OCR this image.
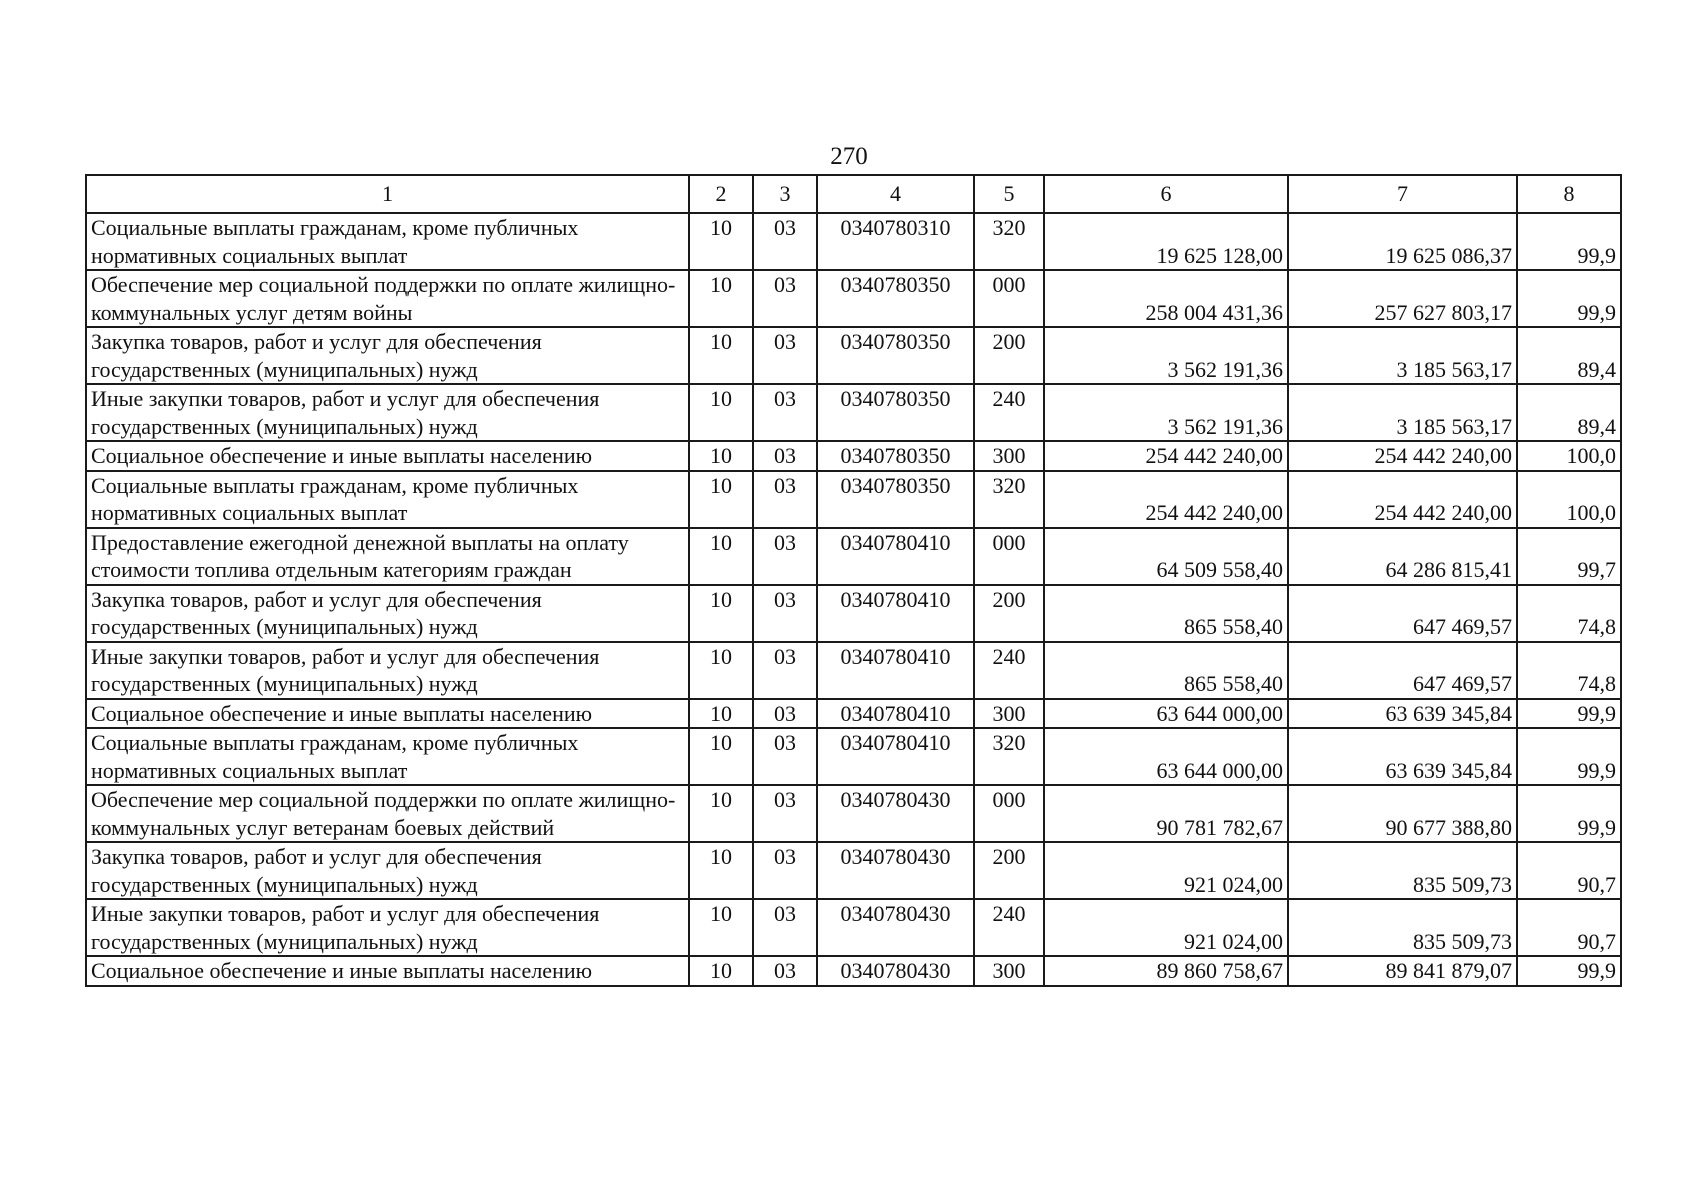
270
1	2	3	4	5	6	7	8
Социальные выплаты гражданам, кроме публичных нормативных социальных выплат	10	03	0340780310	320	19 625 128,00	19 625 086,37	99,9
Обеспечение мер социальной поддержки по оплате жилищно-коммунальных услуг детям войны	10	03	0340780350	000	258 004 431,36	257 627 803,17	99,9
Закупка товаров, работ и услуг для обеспечения государственных (муниципальных) нужд	10	03	0340780350	200	3 562 191,36	3 185 563,17	89,4
Иные закупки товаров, работ и услуг для обеспечения государственных (муниципальных) нужд	10	03	0340780350	240	3 562 191,36	3 185 563,17	89,4
Социальное обеспечение и иные выплаты населению	10	03	0340780350	300	254 442 240,00	254 442 240,00	100,0
Социальные выплаты гражданам, кроме публичных нормативных социальных выплат	10	03	0340780350	320	254 442 240,00	254 442 240,00	100,0
Предоставление ежегодной денежной выплаты на оплату стоимости топлива отдельным категориям граждан	10	03	0340780410	000	64 509 558,40	64 286 815,41	99,7
Закупка товаров, работ и услуг для обеспечения государственных (муниципальных) нужд	10	03	0340780410	200	865 558,40	647 469,57	74,8
Иные закупки товаров, работ и услуг для обеспечения государственных (муниципальных) нужд	10	03	0340780410	240	865 558,40	647 469,57	74,8
Социальное обеспечение и иные выплаты населению	10	03	0340780410	300	63 644 000,00	63 639 345,84	99,9
Социальные выплаты гражданам, кроме публичных нормативных социальных выплат	10	03	0340780410	320	63 644 000,00	63 639 345,84	99,9
Обеспечение мер социальной поддержки по оплате жилищно-коммунальных услуг ветеранам боевых действий	10	03	0340780430	000	90 781 782,67	90 677 388,80	99,9
Закупка товаров, работ и услуг для обеспечения государственных (муниципальных) нужд	10	03	0340780430	200	921 024,00	835 509,73	90,7
Иные закупки товаров, работ и услуг для обеспечения государственных (муниципальных) нужд	10	03	0340780430	240	921 024,00	835 509,73	90,7
Социальное обеспечение и иные выплаты населению	10	03	0340780430	300	89 860 758,67	89 841 879,07	99,9
